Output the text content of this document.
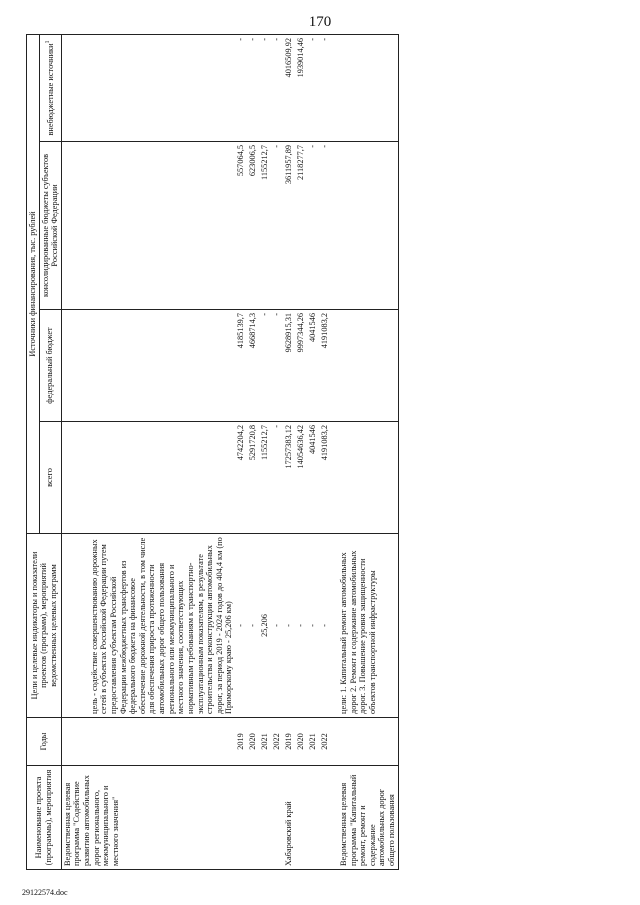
170
Наименование проекта (программы), мероприятия	Годы	Цели и целевые индикаторы и показатели проектов (программ), мероприятий ведомственных целевых программ	Источники финансирования, тыс. рублей			
			всего	федеральный бюджет	консолидированные бюджеты субъектов Российской Федерации	внебюджетные источники$^1$
Ведомственная целевая программа "Содействие развитию автомобильных дорог регионального, межмуниципального и местного значения"		цель - содействие совершенствованию дорожных сетей в субъектах Российской Федерации путем предоставления субъектам Российской Федерации межбюджетных трансфертов из федерального бюджета на финансовое обеспечение дорожной деятельности, в том числе для обеспечения прироста протяженности автомобильных дорог общего пользования регионального или межмуниципального и местного значения, соответствующих нормативным требованиям к транспортно-эксплуатационным показателям, в результате строительства и реконструкции автомобильных дорог, за период 2019 - 2024 годов до 404,4 км (по Приморскому краю - 25,206 км)				
	2019	-	4742204,2	4185139,7	557064,5	-
	2020	-	5291720,8	4668714,3	623006,5	-
	2021	25,206	1155212,7	-	1155212,7	-
	2022	-	-	-	-	-
Хабаровский край	2019	-	17257383,12	9628915,31	3611957,89	4016509,92
	2020	-	14054636,42	9997344,26	2118277,7	1939014,46
	2021	-	4041546	4041546	-	-
	2022	-	4191083,2	4191083,2	-	-
Ведомственная целевая программа "Капитальный ремонт, ремонт и содержание автомобильных дорог общего пользования		цели: 1. Капитальный ремонт автомобильных дорог 2. Ремонт и содержание автомобильных дорог. 3. Повышение уровня защищенности объектов транспортной инфраструктуры				
29122574.doc
